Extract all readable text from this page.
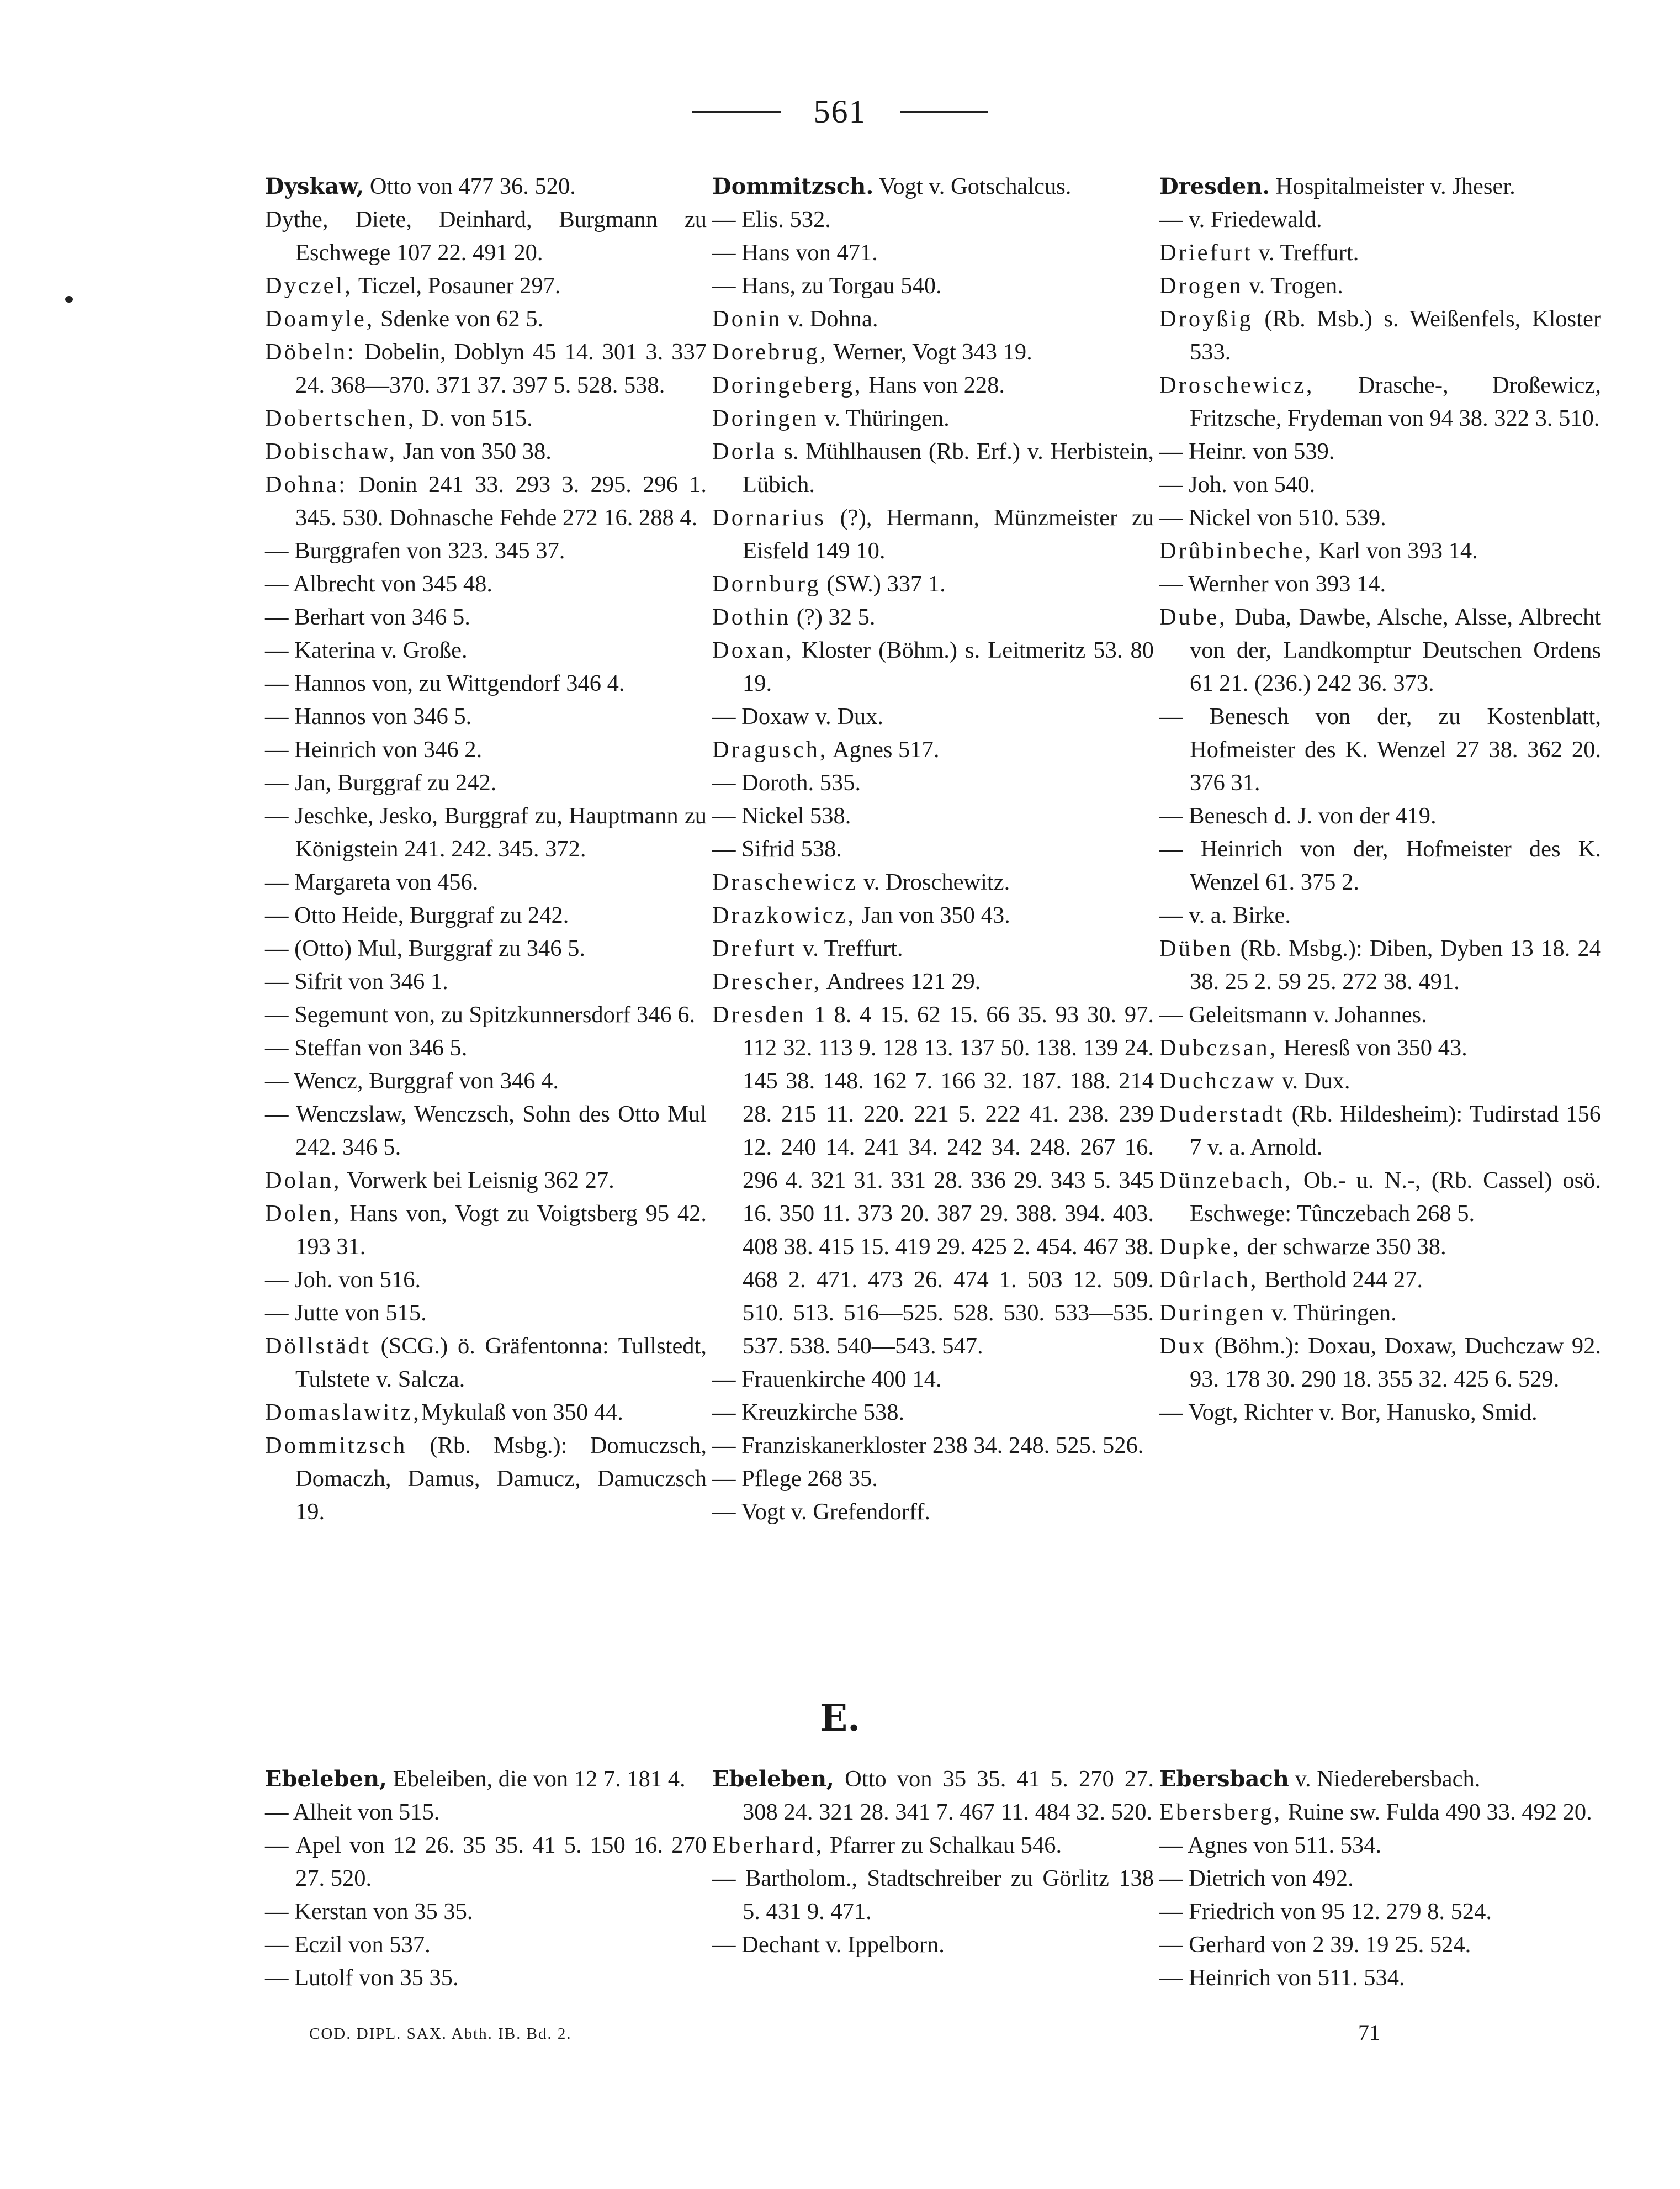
561
Dyskaw, Otto von 477 36. 520.
Dythe, Diete, Deinhard, Burgmann zu Eschwege 107 22. 491 20.
Dyczel, Ticzel, Posauner 297.
Doamyle, Sdenke von 62 5.
Döbeln: Dobelin, Doblyn 45 14. 301 3. 337 24. 368—370. 371 37. 397 5. 528. 538.
Dobertschen, D. von 515.
Dobischaw, Jan von 350 38.
Dohna: Donin 241 33. 293 3. 295. 296 1. 345. 530. Dohnasche Fehde 272 16. 288 4.
— Burggrafen von 323. 345 37.
— Albrecht von 345 48.
— Berhart von 346 5.
— Katerina v. Große.
— Hannos von, zu Wittgendorf 346 4.
— Hannos von 346 5.
— Heinrich von 346 2.
— Jan, Burggraf zu 242.
— Jeschke, Jesko, Burggraf zu, Hauptmann zu Königstein 241. 242. 345. 372.
— Margareta von 456.
— Otto Heide, Burggraf zu 242.
— (Otto) Mul, Burggraf zu 346 5.
— Sifrit von 346 1.
— Segemunt von, zu Spitzkunnersdorf 346 6.
— Steffan von 346 5.
— Wencz, Burggraf von 346 4.
— Wenczslaw, Wenczsch, Sohn des Otto Mul 242. 346 5.
Dolan, Vorwerk bei Leisnig 362 27.
Dolen, Hans von, Vogt zu Voigtsberg 95 42. 193 31.
— Joh. von 516.
— Jutte von 515.
Döllstädt (SCG.) ö. Gräfentonna: Tullstedt, Tulstete v. Salcza.
Domaslawitz,Mykulaß von 350 44.
Dommitzsch (Rb. Msbg.): Domuczsch, Domaczh, Damus, Damucz, Damuczsch 19.
Dommitzsch. Vogt v. Gotschalcus.
— Elis. 532.
— Hans von 471.
— Hans, zu Torgau 540.
Donin v. Dohna.
Dorebrug, Werner, Vogt 343 19.
Doringeberg, Hans von 228.
Doringen v. Thüringen.
Dorla s. Mühlhausen (Rb. Erf.) v. Herbistein, Lübich.
Dornarius (?), Hermann, Münzmeister zu Eisfeld 149 10.
Dornburg (SW.) 337 1.
Dothin (?) 32 5.
Doxan, Kloster (Böhm.) s. Leitmeritz 53. 80 19.
— Doxaw v. Dux.
Dragusch, Agnes 517.
— Doroth. 535.
— Nickel 538.
— Sifrid 538.
Draschewicz v. Droschewitz.
Drazkowicz, Jan von 350 43.
Drefurt v. Treffurt.
Drescher, Andrees 121 29.
Dresden 1 8. 4 15. 62 15. 66 35. 93 30. 97. 112 32. 113 9. 128 13. 137 50. 138. 139 24. 145 38. 148. 162 7. 166 32. 187. 188. 214 28. 215 11. 220. 221 5. 222 41. 238. 239 12. 240 14. 241 34. 242 34. 248. 267 16. 296 4. 321 31. 331 28. 336 29. 343 5. 345 16. 350 11. 373 20. 387 29. 388. 394. 403. 408 38. 415 15. 419 29. 425 2. 454. 467 38. 468 2. 471. 473 26. 474 1. 503 12. 509. 510. 513. 516—525. 528. 530. 533—535. 537. 538. 540—543. 547.
— Frauenkirche 400 14.
— Kreuzkirche 538.
— Franziskanerkloster 238 34. 248. 525. 526.
— Pflege 268 35.
— Vogt v. Grefendorff.
Dresden. Hospitalmeister v. Jheser.
— v. Friedewald.
Driefurt v. Treffurt.
Drogen v. Trogen.
Droyßig (Rb. Msb.) s. Weißenfels, Kloster 533.
Droschewicz, Drasche-, Droßewicz, Fritzsche, Frydeman von 94 38. 322 3. 510.
— Heinr. von 539.
— Joh. von 540.
— Nickel von 510. 539.
Drûbinbeche, Karl von 393 14.
— Wernher von 393 14.
Dube, Duba, Dawbe, Alsche, Alsse, Albrecht von der, Landkomptur Deutschen Ordens 61 21. (236.) 242 36. 373.
— Benesch von der, zu Kostenblatt, Hofmeister des K. Wenzel 27 38. 362 20. 376 31.
— Benesch d. J. von der 419.
— Heinrich von der, Hofmeister des K. Wenzel 61. 375 2.
— v. a. Birke.
Düben (Rb. Msbg.): Diben, Dyben 13 18. 24 38. 25 2. 59 25. 272 38. 491.
— Geleitsmann v. Johannes.
Dubczsan, Heresß von 350 43.
Duchczaw v. Dux.
Duderstadt (Rb. Hildesheim): Tudirstad 156 7 v. a. Arnold.
Dünzebach, Ob.- u. N.-, (Rb. Cassel) osö. Eschwege: Tûnczebach 268 5.
Dupke, der schwarze 350 38.
Dûrlach, Berthold 244 27.
Duringen v. Thüringen.
Dux (Böhm.): Doxau, Doxaw, Duchczaw 92. 93. 178 30. 290 18. 355 32. 425 6. 529.
— Vogt, Richter v. Bor, Hanusko, Smid.
E.
Ebeleben, Ebeleiben, die von 12 7. 181 4.
— Alheit von 515.
— Apel von 12 26. 35 35. 41 5. 150 16. 270 27. 520.
— Kerstan von 35 35.
— Eczil von 537.
— Lutolf von 35 35.
Ebeleben, Otto von 35 35. 41 5. 270 27. 308 24. 321 28. 341 7. 467 11. 484 32. 520.
Eberhard, Pfarrer zu Schalkau 546.
— Bartholom., Stadtschreiber zu Görlitz 138 5. 431 9. 471.
— Dechant v. Ippelborn.
Ebersbach v. Niederebersbach.
Ebersberg, Ruine sw. Fulda 490 33. 492 20.
— Agnes von 511. 534.
— Dietrich von 492.
— Friedrich von 95 12. 279 8. 524.
— Gerhard von 2 39. 19 25. 524.
— Heinrich von 511. 534.
COD. DIPL. SAX. Abth. IB. Bd. 2.	71
